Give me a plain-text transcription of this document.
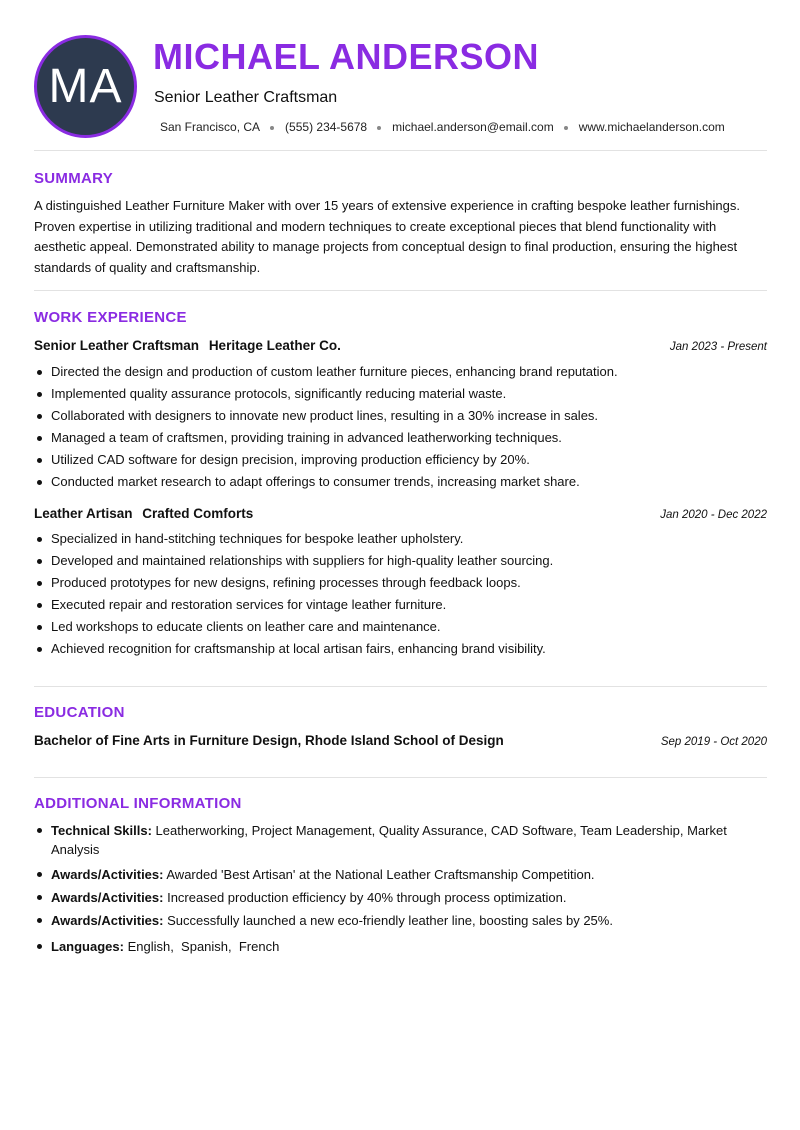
MA
MICHAEL ANDERSON
Senior Leather Craftsman
San Francisco, CA (555) 234-5678 michael.anderson@email.com www.michaelanderson.com
SUMMARY
A distinguished Leather Furniture Maker with over 15 years of extensive experience in crafting bespoke leather furnishings. Proven expertise in utilizing traditional and modern techniques to create exceptional pieces that blend functionality with aesthetic appeal. Demonstrated ability to manage projects from conceptual design to final production, ensuring the highest standards of quality and craftsmanship.
WORK EXPERIENCE
Senior Leather Craftsman Heritage Leather Co.	Jan 2023 - Present
Directed the design and production of custom leather furniture pieces, enhancing brand reputation.
Implemented quality assurance protocols, significantly reducing material waste.
Collaborated with designers to innovate new product lines, resulting in a 30% increase in sales.
Managed a team of craftsmen, providing training in advanced leatherworking techniques.
Utilized CAD software for design precision, improving production efficiency by 20%.
Conducted market research to adapt offerings to consumer trends, increasing market share.
Leather Artisan Crafted Comforts	Jan 2020 - Dec 2022
Specialized in hand-stitching techniques for bespoke leather upholstery.
Developed and maintained relationships with suppliers for high-quality leather sourcing.
Produced prototypes for new designs, refining processes through feedback loops.
Executed repair and restoration services for vintage leather furniture.
Led workshops to educate clients on leather care and maintenance.
Achieved recognition for craftsmanship at local artisan fairs, enhancing brand visibility.
EDUCATION
Bachelor of Fine Arts in Furniture Design, Rhode Island School of Design	Sep 2019 - Oct 2020
ADDITIONAL INFORMATION
Technical Skills: Leatherworking, Project Management, Quality Assurance, CAD Software, Team Leadership, Market Analysis
Awards/Activities: Awarded 'Best Artisan' at the National Leather Craftsmanship Competition.
Awards/Activities: Increased production efficiency by 40% through process optimization.
Awards/Activities: Successfully launched a new eco-friendly leather line, boosting sales by 25%.
Languages: English,  Spanish,  French
